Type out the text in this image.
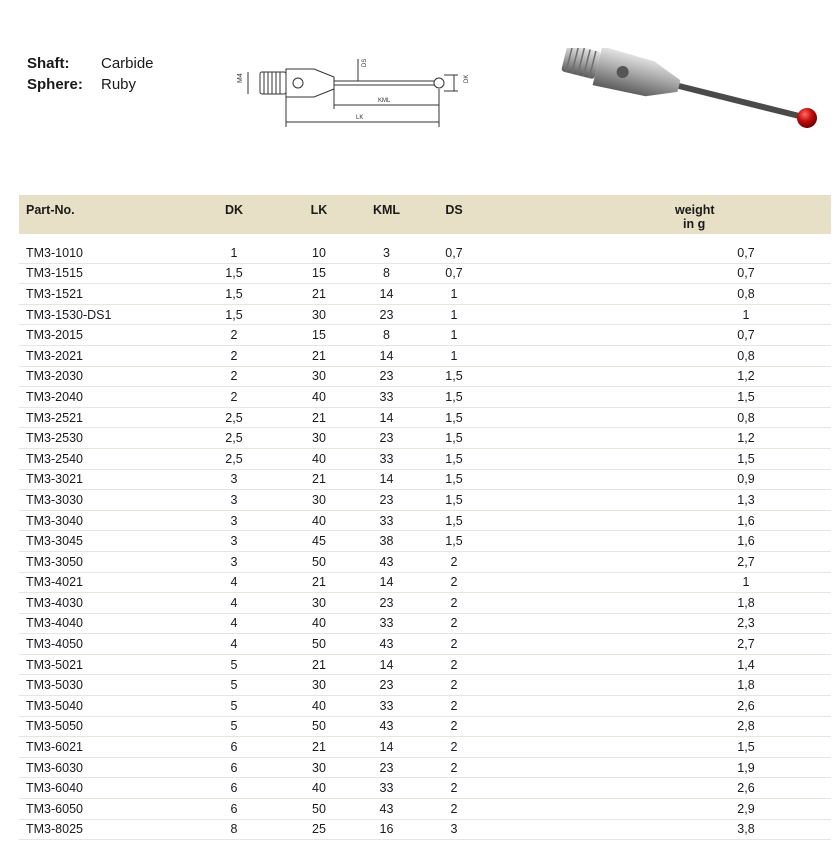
Shaft:	Carbide
Sphere:	Ruby	M4
DS
DK
KML
LK
Part-No.	DK	LK	KML	DS		weight
in g

TM3-1010	1	10	3	0,7		0,7
TM3-1515	1,5	15	8	0,7		0,7
TM3-1521	1,5	21	14	1		0,8
TM3-1530-DS1	1,5	30	23	1		1
TM3-2015	2	15	8	1		0,7
TM3-2021	2	21	14	1		0,8
TM3-2030	2	30	23	1,5		1,2
TM3-2040	2	40	33	1,5		1,5
TM3-2521	2,5	21	14	1,5		0,8
TM3-2530	2,5	30	23	1,5		1,2
TM3-2540	2,5	40	33	1,5		1,5
TM3-3021	3	21	14	1,5		0,9
TM3-3030	3	30	23	1,5		1,3
TM3-3040	3	40	33	1,5		1,6
TM3-3045	3	45	38	1,5		1,6
TM3-3050	3	50	43	2		2,7
TM3-4021	4	21	14	2		1
TM3-4030	4	30	23	2		1,8
TM3-4040	4	40	33	2		2,3
TM3-4050	4	50	43	2		2,7
TM3-5021	5	21	14	2		1,4
TM3-5030	5	30	23	2		1,8
TM3-5040	5	40	33	2		2,6
TM3-5050	5	50	43	2		2,8
TM3-6021	6	21	14	2		1,5
TM3-6030	6	30	23	2		1,9
TM3-6040	6	40	33	2		2,6
TM3-6050	6	50	43	2		2,9
TM3-8025	8	25	16	3		3,8
